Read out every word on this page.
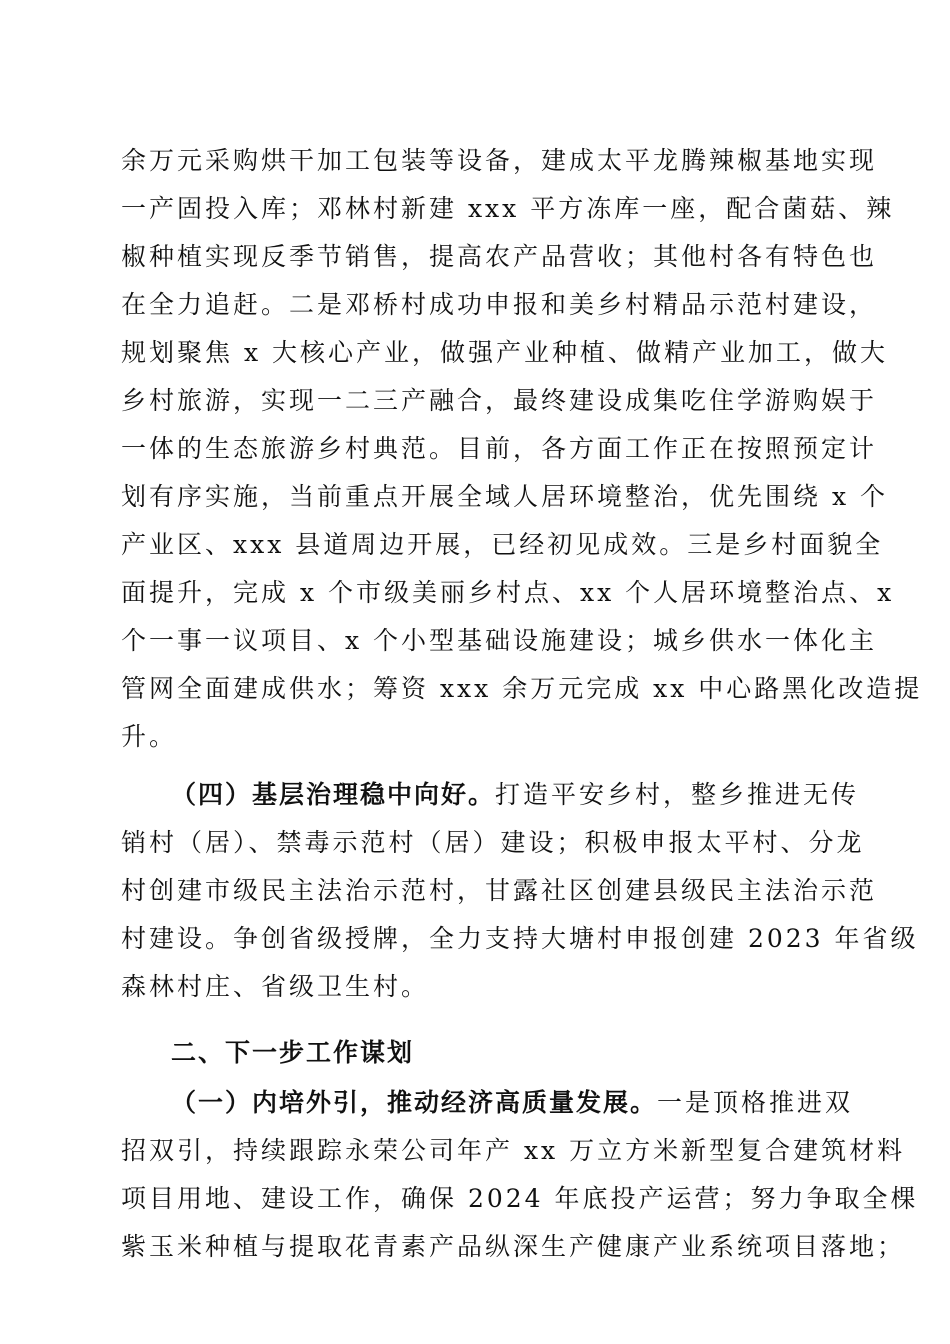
余万元采购烘干加工包装等设备，建成太平龙腾辣椒基地实现
一产固投入库；邓林村新建 xxx 平方冻库一座，配合菌菇、辣
椒种植实现反季节销售，提高农产品营收；其他村各有特色也
在全力追赶。二是邓桥村成功申报和美乡村精品示范村建设，
规划聚焦 x 大核心产业，做强产业种植、做精产业加工，做大
乡村旅游，实现一二三产融合，最终建设成集吃住学游购娱于
一体的生态旅游乡村典范。目前，各方面工作正在按照预定计
划有序实施，当前重点开展全域人居环境整治，优先围绕 x 个
产业区、xxx 县道周边开展，已经初见成效。三是乡村面貌全
面提升，完成 x 个市级美丽乡村点、xx 个人居环境整治点、x
个一事一议项目、x 个小型基础设施建设；城乡供水一体化主
管网全面建成供水；筹资 xxx 余万元完成 xx 中心路黑化改造提
升。

（四）基层治理稳中向好。打造平安乡村，整乡推进无传
销村（居）、禁毒示范村（居）建设；积极申报太平村、分龙
村创建市级民主法治示范村，甘露社区创建县级民主法治示范
村建设。争创省级授牌，全力支持大塘村申报创建 2023 年省级
森林村庄、省级卫生村。

二、下一步工作谋划

（一）内培外引，推动经济高质量发展。一是顶格推进双
招双引，持续跟踪永荣公司年产 xx 万立方米新型复合建筑材料
项目用地、建设工作，确保 2024 年底投产运营；努力争取全棵
紫玉米种植与提取花青素产品纵深生产健康产业系统项目落地；
